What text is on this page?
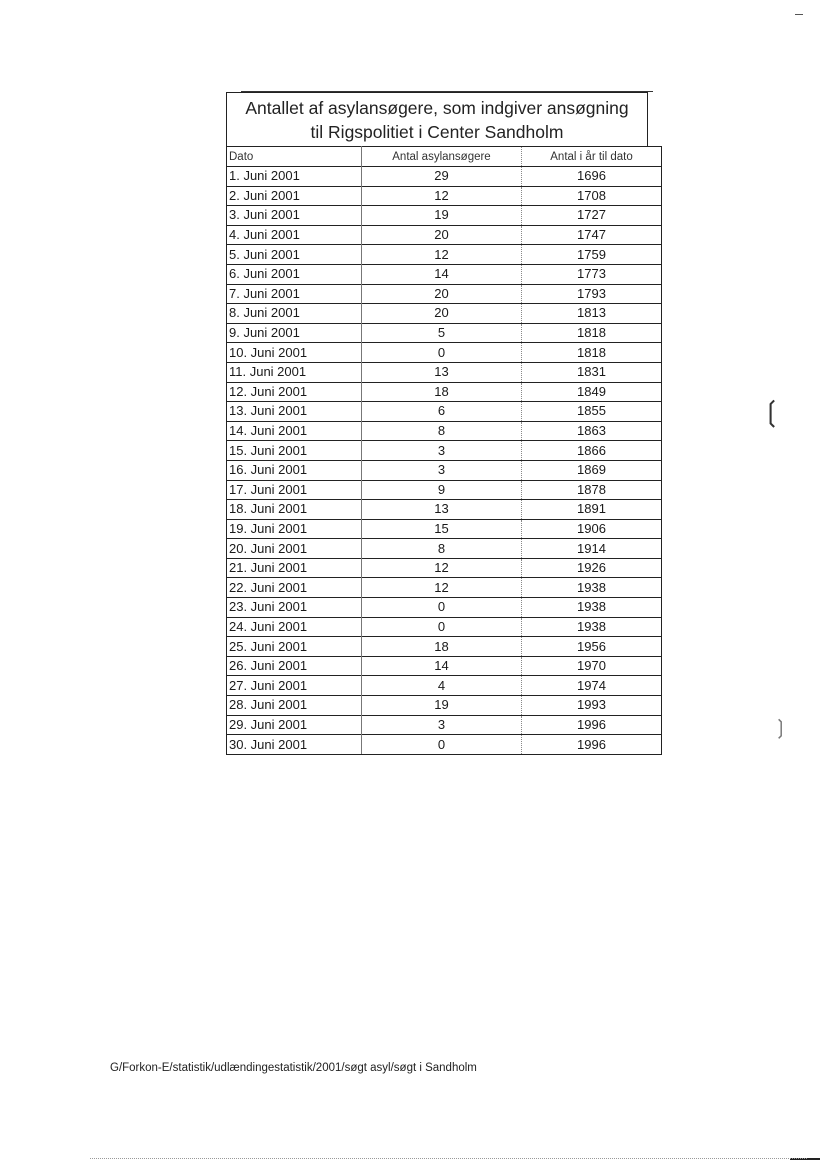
Antallet af asylansøgere, som indgiver ansøgning
til Rigspolitiet i Center Sandholm
Dato	Antal asylansøgere	Antal i år til dato
1. Juni 2001	29	1696
2. Juni 2001	12	1708
3. Juni 2001	19	1727
4. Juni 2001	20	1747
5. Juni 2001	12	1759
6. Juni 2001	14	1773
7. Juni 2001	20	1793
8. Juni 2001	20	1813
9. Juni 2001	5	1818
10. Juni 2001	0	1818
11. Juni 2001	13	1831
12. Juni 2001	18	1849
13. Juni 2001	6	1855
14. Juni 2001	8	1863
15. Juni 2001	3	1866
16. Juni 2001	3	1869
17. Juni 2001	9	1878
18. Juni 2001	13	1891
19. Juni 2001	15	1906
20. Juni 2001	8	1914
21. Juni 2001	12	1926
22. Juni 2001	12	1938
23. Juni 2001	0	1938
24. Juni 2001	0	1938
25. Juni 2001	18	1956
26. Juni 2001	14	1970
27. Juni 2001	4	1974
28. Juni 2001	19	1993
29. Juni 2001	3	1996
30. Juni 2001	0	1996
G/Forkon-E/statistik/udlændingestatistik/2001/søgt asyl/søgt i Sandholm
❲
❳
